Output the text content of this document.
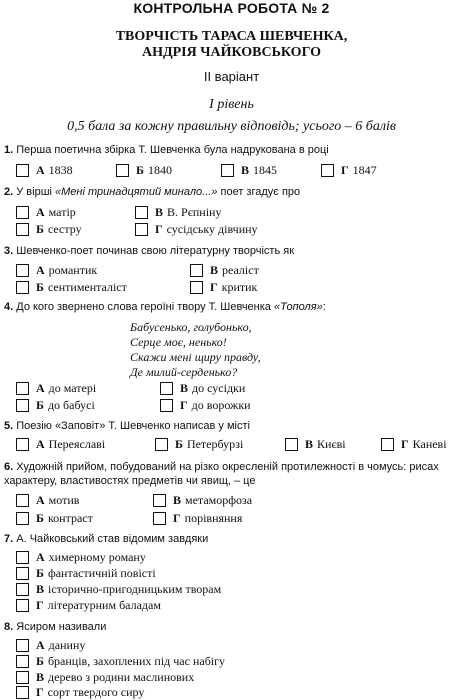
КОНТРОЛЬНА РОБОТА № 2
ТВОРЧІСТЬ ТАРАСА ШЕВЧЕНКА,
АНДРІЯ ЧАЙКОВСЬКОГО
II варіант
I рівень
0,5 бала за кожну правильну відповідь; усього – 6 балів
1. Перша поетична збірка Т. Шевченка була надрукована в році
А 1838	Б 1840	В 1845	Г 1847
2. У вірші «Мені тринадцятий минало...» поет згадує про
А матір	В В. Рєпніну
Б сестру	Г сусідську дівчину
3. Шевченко-поет починав свою літературну творчість як
А романтик	В реаліст
Б сентименталіст	Г критик
4. До кого звернено слова героїні твору Т. Шевченка «Тополя»:
Бабусенько, голубонько,
Серце моє, ненько!
Скажи мені щиру правду,
Де милий-серденько?
А до матері	В до сусідки
Б до бабусі	Г до ворожки
5. Поезію «Заповіт» Т. Шевченко написав у місті
А Переяславі	Б Петербурзі	В Києві	Г Каневі
6. Художній прийом, побудований на різко окресленій протилежності в чомусь: рисах характеру, властивостях предметів чи явищ, – це
А мотив	В метаморфоза
Б контраст	Г порівняння
7. А. Чайковський став відомим завдяки
А химерному роману
Б фантастичній повісті
В історично-пригодницьким творам
Г літературним баладам
8. Ясиром називали
А данину
Б бранців, захоплених під час набігу
В дерево з родини маслинових
Г сорт твердого сиру
